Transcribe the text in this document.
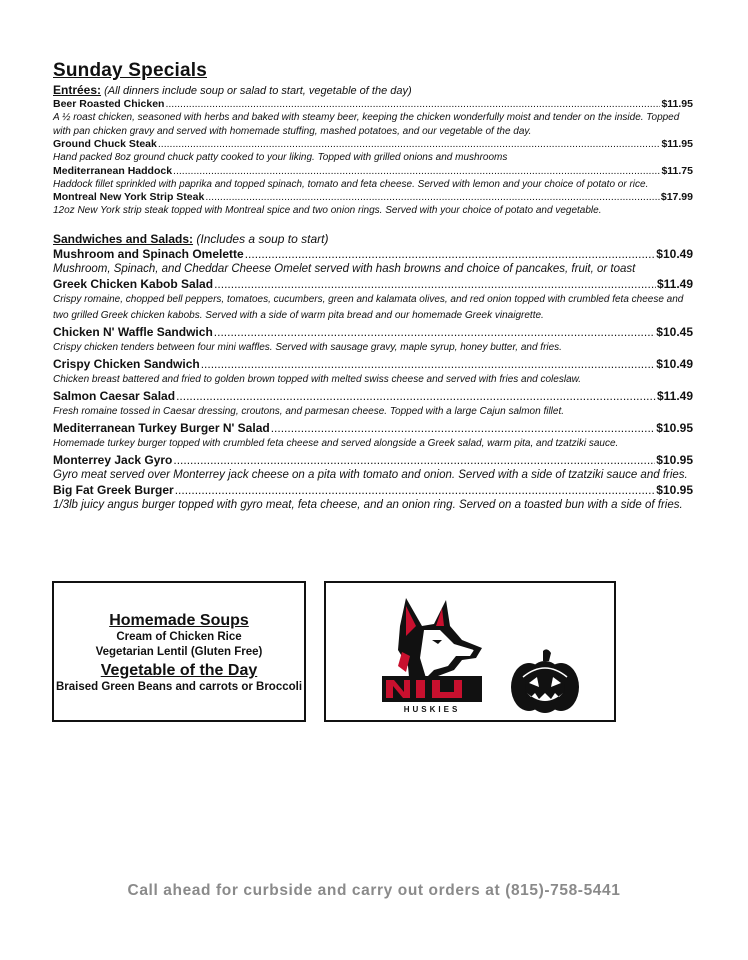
Sunday Specials
Entrées: (All dinners include soup or salad to start, vegetable of the day)
Beer Roasted Chicken .....	$11.95
A ½ roast chicken, seasoned with herbs and baked with steamy beer, keeping the chicken wonderfully moist and tender on the inside. Topped with pan chicken gravy and served with homemade stuffing, mashed potatoes, and our vegetable of the day.
Ground Chuck Steak .....	$11.95
Hand packed 8oz ground chuck patty cooked to your liking. Topped with grilled onions and mushrooms
Mediterranean Haddock .....	$11.75
Haddock fillet sprinkled with paprika and topped spinach, tomato and feta cheese. Served with lemon and your choice of potato or rice.
Montreal New York Strip Steak .....	$17.99
12oz New York strip steak topped with Montreal spice and two onion rings. Served with your choice of potato and vegetable.
Sandwiches and Salads: (Includes a soup to start)
Mushroom and Spinach Omelette .....	$10.49
Mushroom, Spinach, and Cheddar Cheese Omelet served with hash browns and choice of pancakes, fruit, or toast
Greek Chicken Kabob Salad .....	$11.49
Crispy romaine, chopped bell peppers, tomatoes, cucumbers, green and kalamata olives, and red onion topped with crumbled feta cheese and two grilled Greek chicken kabobs. Served with a side of warm pita bread and our homemade Greek vinaigrette.
Chicken N' Waffle Sandwich .....	$10.45
Crispy chicken tenders between four mini waffles. Served with sausage gravy, maple syrup, honey butter, and fries.
Crispy Chicken Sandwich .....	$10.49
Chicken breast battered and fried to golden brown topped with melted swiss cheese and served with fries and coleslaw.
Salmon Caesar Salad .....	$11.49
Fresh romaine tossed in Caesar dressing, croutons, and parmesan cheese. Topped with a large Cajun salmon fillet.
Mediterranean Turkey Burger N' Salad .....	$10.95
Homemade turkey burger topped with crumbled feta cheese and served alongside a Greek salad, warm pita, and tzatziki sauce.
Monterrey Jack Gyro .....	$10.95
Gyro meat served over Monterrey jack cheese on a pita with tomato and onion. Served with a side of tzatziki sauce and fries.
Big Fat Greek Burger .....	$10.95
1/3lb juicy angus burger topped with gyro meat, feta cheese, and an onion ring. Served on a toasted bun with a side of fries.
Homemade Soups
Cream of Chicken Rice
Vegetarian Lentil (Gluten Free)
Vegetable of the Day
Braised Green Beans and carrots or Broccoli
HUSKIES
Call ahead for curbside and carry out orders at (815)-758-5441
